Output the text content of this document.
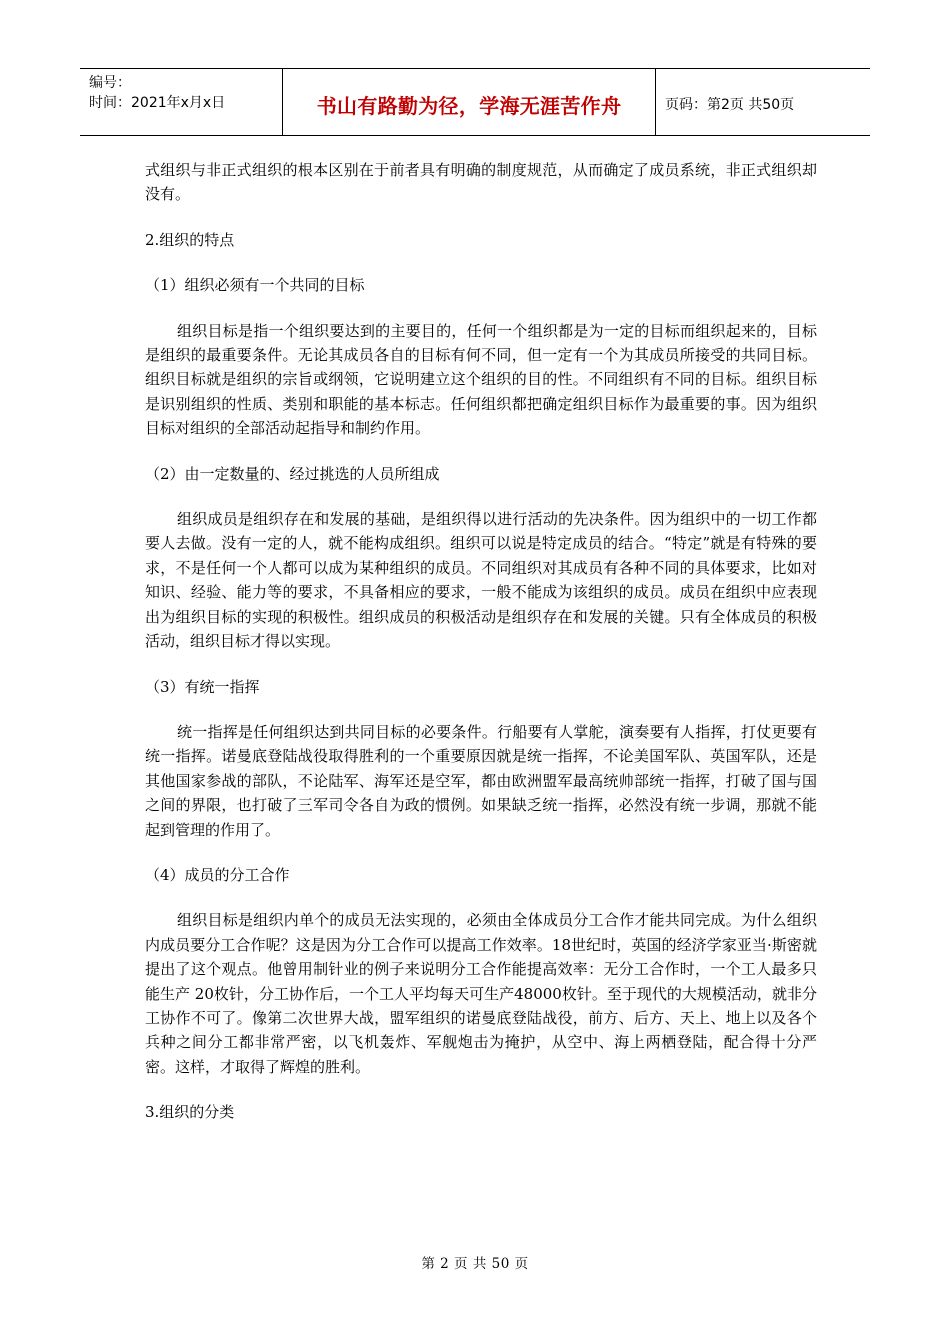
编号：
时间：2021年x月x日	书山有路勤为径，学海无涯苦作舟	页码：第2页 共50页

式组织与非正式组织的根本区别在于前者具有明确的制度规范，从而确定了成员系统，非正式组织却没有。

2.组织的特点
（1）组织必须有一个共同的目标

组织目标是指一个组织要达到的主要目的，任何一个组织都是为一定的目标而组织起来的，目标是组织的最重要条件。无论其成员各自的目标有何不同，但一定有一个为其成员所接受的共同目标。组织目标就是组织的宗旨或纲领，它说明建立这个组织的目的性。不同组织有不同的目标。组织目标是识别组织的性质、类别和职能的基本标志。任何组织都把确定组织目标作为最重要的事。因为组织目标对组织的全部活动起指导和制约作用。

（2）由一定数量的、经过挑选的人员所组成

组织成员是组织存在和发展的基础，是组织得以进行活动的先决条件。因为组织中的一切工作都要人去做。没有一定的人，就不能构成组织。组织可以说是特定成员的结合。“特定”就是有特殊的要求，不是任何一个人都可以成为某种组织的成员。不同组织对其成员有各种不同的具体要求，比如对知识、经验、能力等的要求，不具备相应的要求，一般不能成为该组织的成员。成员在组织中应表现出为组织目标的实现的积极性。组织成员的积极活动是组织存在和发展的关键。只有全体成员的积极活动，组织目标才得以实现。

（3）有统一指挥

统一指挥是任何组织达到共同目标的必要条件。行船要有人掌舵，演奏要有人指挥，打仗更要有统一指挥。诺曼底登陆战役取得胜利的一个重要原因就是统一指挥，不论美国军队、英国军队，还是其他国家参战的部队，不论陆军、海军还是空军，都由欧洲盟军最高统帅部统一指挥，打破了国与国之间的界限，也打破了三军司令各自为政的惯例。如果缺乏统一指挥，必然没有统一步调，那就不能起到管理的作用了。

（4）成员的分工合作

组织目标是组织内单个的成员无法实现的，必须由全体成员分工合作才能共同完成。为什么组织内成员要分工合作呢？这是因为分工合作可以提高工作效率。18世纪时，英国的经济学家亚当·斯密就提出了这个观点。他曾用制针业的例子来说明分工合作能提高效率：无分工合作时，一个工人最多只能生产 20枚针，分工协作后，一个工人平均每天可生产48000枚针。至于现代的大规模活动，就非分工协作不可了。像第二次世界大战，盟军组织的诺曼底登陆战役，前方、后方、天上、地上以及各个兵种之间分工都非常严密，以飞机轰炸、军舰炮击为掩护，从空中、海上两栖登陆，配合得十分严密。这样，才取得了辉煌的胜利。

3.组织的分类
第 2 页 共 50 页
